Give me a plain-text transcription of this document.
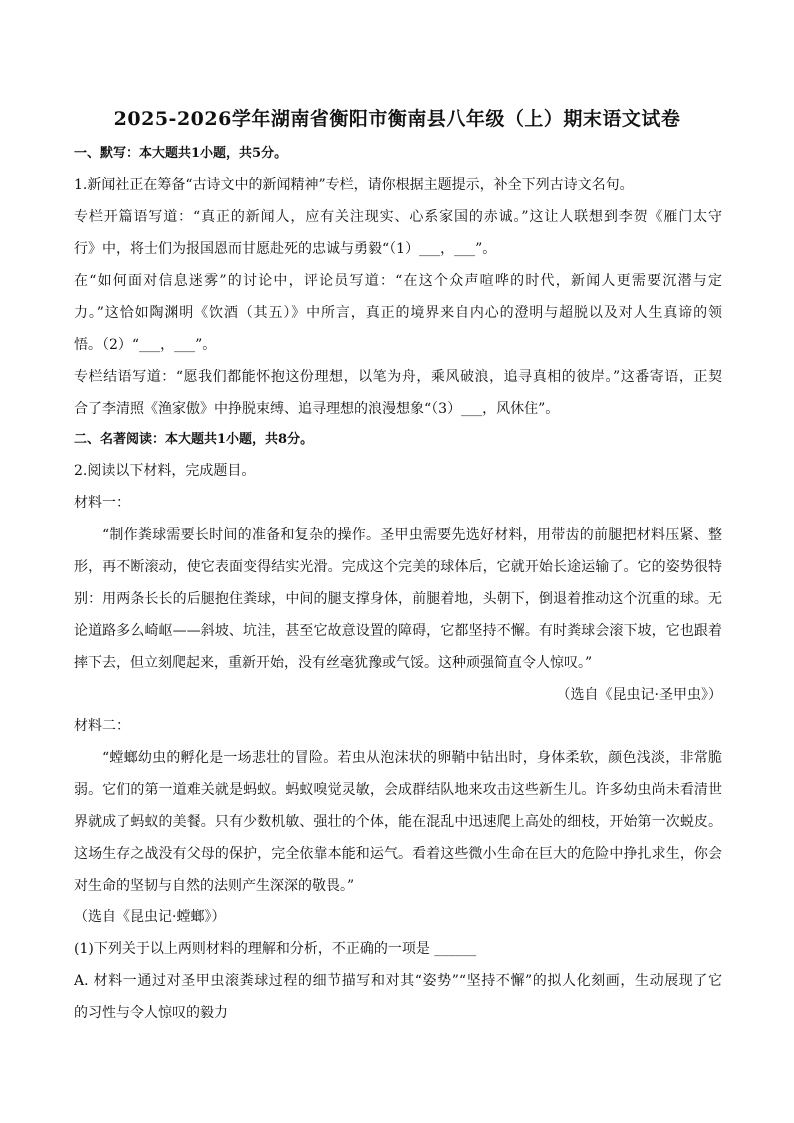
2025-2026学年湖南省衡阳市衡南县八年级（上）期末语文试卷
一、默写：本大题共1小题，共5分。
1.新闻社正在筹备“古诗文中的新闻精神”专栏，请你根据主题提示，补全下列古诗文名句。
专栏开篇语写道：“真正的新闻人，应有关注现实、心系家国的赤诚。”这让人联想到李贺《雁门太守
行》中，将士们为报国恩而甘愿赴死的忠诚与勇毅“（1）___，___”。
在“如何面对信息迷雾”的讨论中，评论员写道：“在这个众声喧哗的时代，新闻人更需要沉潜与定
力。”这恰如陶渊明《饮酒（其五）》中所言，真正的境界来自内心的澄明与超脱以及对人生真谛的领
悟。（2）“___，___”。
专栏结语写道：“愿我们都能怀抱这份理想，以笔为舟，乘风破浪，追寻真相的彼岸。”这番寄语，正契
合了李清照《渔家傲》中挣脱束缚、追寻理想的浪漫想象“（3）___，风休住”。
二、名著阅读：本大题共1小题，共8分。
2.阅读以下材料，完成题目。
材料一：
“制作粪球需要长时间的准备和复杂的操作。圣甲虫需要先选好材料，用带齿的前腿把材料压紧、整
形，再不断滚动，使它表面变得结实光滑。完成这个完美的球体后，它就开始长途运输了。它的姿势很特
别：用两条长长的后腿抱住粪球，中间的腿支撑身体，前腿着地，头朝下，倒退着推动这个沉重的球。无
论道路多么崎岖——斜坡、坑洼，甚至它故意设置的障碍，它都坚持不懈。有时粪球会滚下坡，它也跟着
摔下去，但立刻爬起来，重新开始，没有丝毫犹豫或气馁。这种顽强简直令人惊叹。”
（选自《昆虫记·圣甲虫》）
材料二：
“螳螂幼虫的孵化是一场悲壮的冒险。若虫从泡沫状的卵鞘中钻出时，身体柔软，颜色浅淡，非常脆
弱。它们的第一道难关就是蚂蚁。蚂蚁嗅觉灵敏，会成群结队地来攻击这些新生儿。许多幼虫尚未看清世
界就成了蚂蚁的美餐。只有少数机敏、强壮的个体，能在混乱中迅速爬上高处的细枝，开始第一次蜕皮。
这场生存之战没有父母的保护，完全依靠本能和运气。看着这些微小生命在巨大的危险中挣扎求生，你会
对生命的坚韧与自然的法则产生深深的敬畏。”
（选自《昆虫记·螳螂》）
(1)下列关于以上两则材料的理解和分析，不正确的一项是 ______
A. 材料一通过对圣甲虫滚粪球过程的细节描写和对其“姿势”“坚持不懈”的拟人化刻画，生动展现了它
的习性与令人惊叹的毅力
